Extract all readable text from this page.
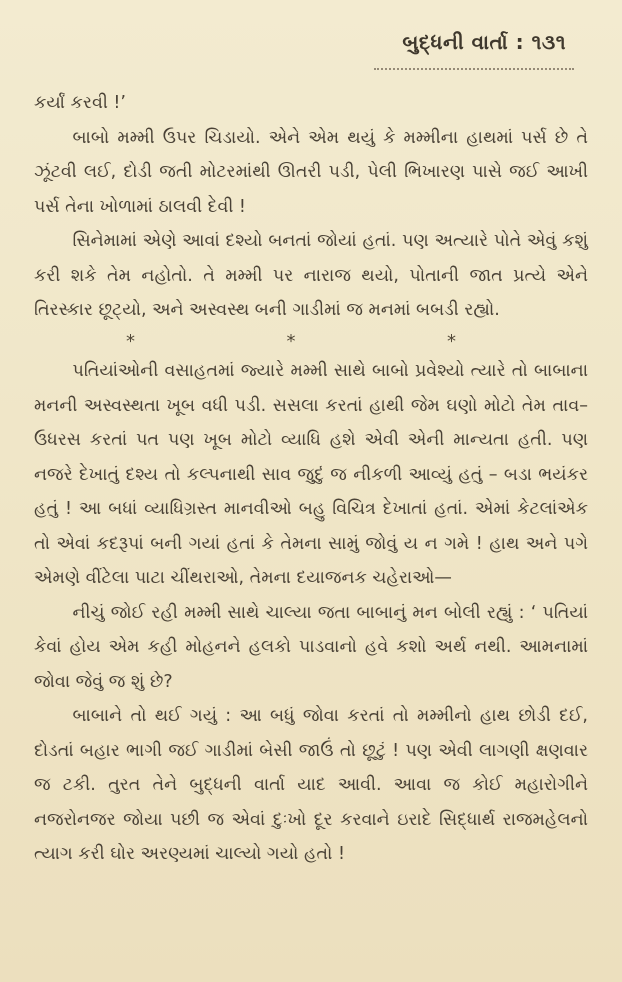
બુદ્ધની વાર્તા : ૧૩૧

કર્યાં કરવી !’

બાબો મમ્મી ઉપર ચિડાયો. એને એમ થયું કે મમ્મીના હાથમાં પર્સ છે તે ઝૂંટવી લઈ, દોડી જતી મોટરમાંથી ઊતરી પડી, પેલી ભિખારણ પાસે જઈ આખી પર્સ તેના ખોળામાં ઠાલવી દેવી !

સિનેમામાં એણે આવાં દશ્યો બનતાં જોયાં હતાં. પણ અત્યારે પોતે એવું કશું કરી શકે તેમ નહોતો. તે મમ્મી પર નારાજ થયો, પોતાની જાત પ્રત્યે એને તિરસ્કાર છૂટ્યો, અને અસ્વસ્થ બની ગાડીમાં જ મનમાં બબડી રહ્યો.

*	*	*

પતિયાંઓની વસાહતમાં જ્યારે મમ્મી સાથે બાબો પ્રવેશ્યો ત્યારે તો બાબાના મનની અસ્વસ્થતા ખૂબ વધી પડી. સસલા કરતાં હાથી જેમ ઘણો મોટો તેમ તાવ–ઉધરસ કરતાં પત પણ ખૂબ મોટો વ્યાધિ હશે એવી એની માન્યતા હતી. પણ નજરે દેખાતું દશ્ય તો કલ્પનાથી સાવ જુદું જ નીકળી આવ્યું હતું – બડા ભયંકર હતું ! આ બધાં વ્યાધિગ્રસ્ત માનવીઓ બહુ વિચિત્ર દેખાતાં હતાં. એમાં કેટલાંએક તો એવાં કદરૂપાં બની ગયાં હતાં કે તેમના સામું જોવું ય ન ગમે ! હાથ અને પગે એમણે વીંટેલા પાટા ચીંથરાઓ, તેમના દયાજનક ચહેરાઓ—

નીચું જોઈ રહી મમ્મી સાથે ચાલ્યા જતા બાબાનું મન બોલી રહ્યું : ‘ પતિયાં કેવાં હોય એમ કહી મોહનને હલકો પાડવાનો હવે કશો અર્થ નથી. આમનામાં જોવા જેવું જ શું છે?

બાબાને તો થઈ ગયું : આ બધું જોવા કરતાં તો મમ્મીનો હાથ છોડી દઈ, દોડતાં બહાર ભાગી જઈ ગાડીમાં બેસી જાઉં તો છૂટું ! પણ એવી લાગણી ક્ષણવાર જ ટકી. તુરત તેને બુદ્ધની વાર્તા યાદ આવી. આવા જ કોઈ મહારોગીને નજરોનજર જોયા પછી જ એવાં દુઃખો દૂર કરવાને ઇરાદે સિદ્ધાર્થ રાજમહેલનો ત્યાગ કરી ઘોર અરણ્યમાં ચાલ્યો ગયો હતો !
